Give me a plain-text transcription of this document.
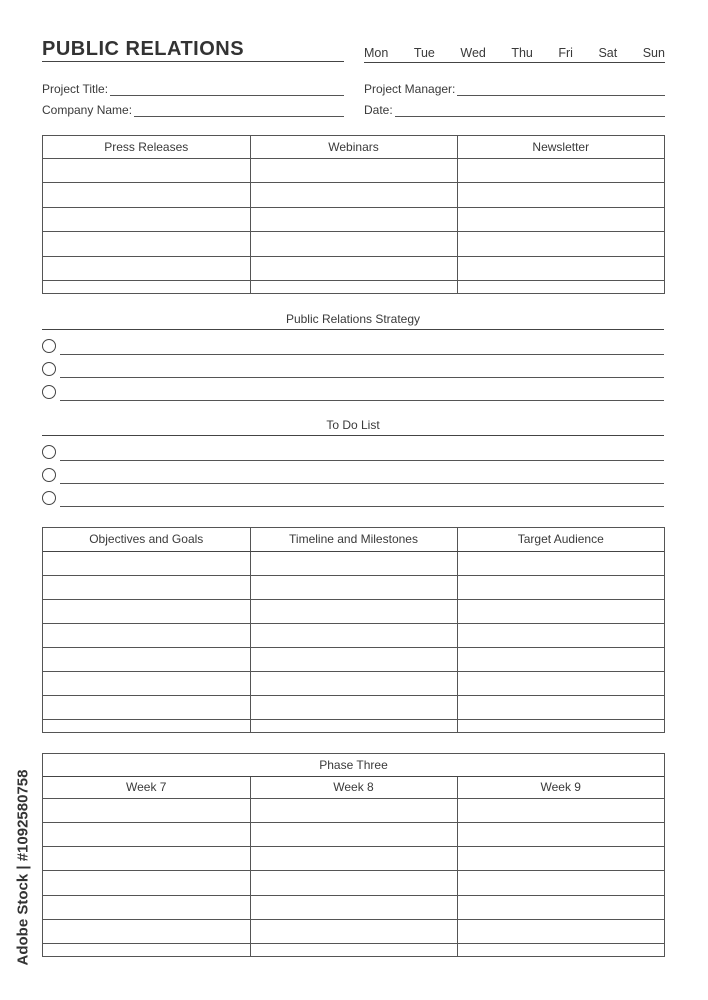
PUBLIC RELATIONS	Mon Tue Wed Thu Fri Sat Sun
Project Title:
Company Name:
Project Manager:
Date:
Press Releases	Webinars	Newsletter

Public Relations Strategy
To Do List
Objectives and Goals	Timeline and Milestones	Target Audience

Phase Three		
Week 7	Week 8	Week 9

Adobe Stock | #1092580758
